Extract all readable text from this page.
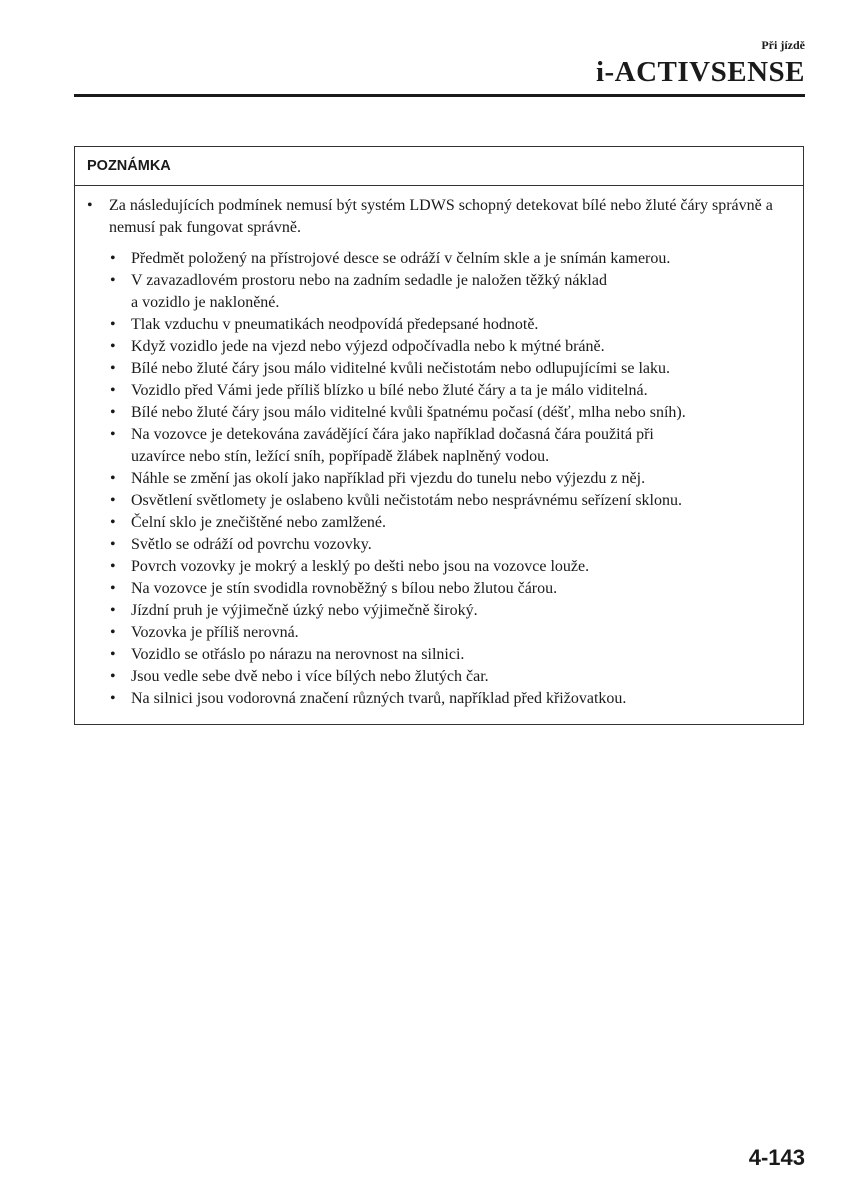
Při jízdě
i-ACTIVSENSE
POZNÁMKA
• Za následujících podmínek nemusí být systém LDWS schopný detekovat bílé nebo žluté čáry správně a nemusí pak fungovat správně.
• Předmět položený na přístrojové desce se odráží v čelním skle a je snímán kamerou.
• V zavazadlovém prostoru nebo na zadním sedadle je naložen těžký náklad
a vozidlo je nakloněné.
• Tlak vzduchu v pneumatikách neodpovídá předepsané hodnotě.
• Když vozidlo jede na vjezd nebo výjezd odpočívadla nebo k mýtné bráně.
• Bílé nebo žluté čáry jsou málo viditelné kvůli nečistotám nebo odlupujícími se laku.
• Vozidlo před Vámi jede příliš blízko u bílé nebo žluté čáry a ta je málo viditelná.
• Bílé nebo žluté čáry jsou málo viditelné kvůli špatnému počasí (déšť, mlha nebo sníh).
• Na vozovce je detekována zavádějící čára jako například dočasná čára použitá při
uzavírce nebo stín, ležící sníh, popřípadě žlábek naplněný vodou.
• Náhle se změní jas okolí jako například při vjezdu do tunelu nebo výjezdu z něj.
• Osvětlení světlomety je oslabeno kvůli nečistotám nebo nesprávnému seřízení sklonu.
• Čelní sklo je znečištěné nebo zamlžené.
• Světlo se odráží od povrchu vozovky.
• Povrch vozovky je mokrý a lesklý po dešti nebo jsou na vozovce louže.
• Na vozovce je stín svodidla rovnoběžný s bílou nebo žlutou čárou.
• Jízdní pruh je výjimečně úzký nebo výjimečně široký.
• Vozovka je příliš nerovná.
• Vozidlo se otřáslo po nárazu na nerovnost na silnici.
• Jsou vedle sebe dvě nebo i více bílých nebo žlutých čar.
• Na silnici jsou vodorovná značení různých tvarů, například před křižovatkou.
4-143
